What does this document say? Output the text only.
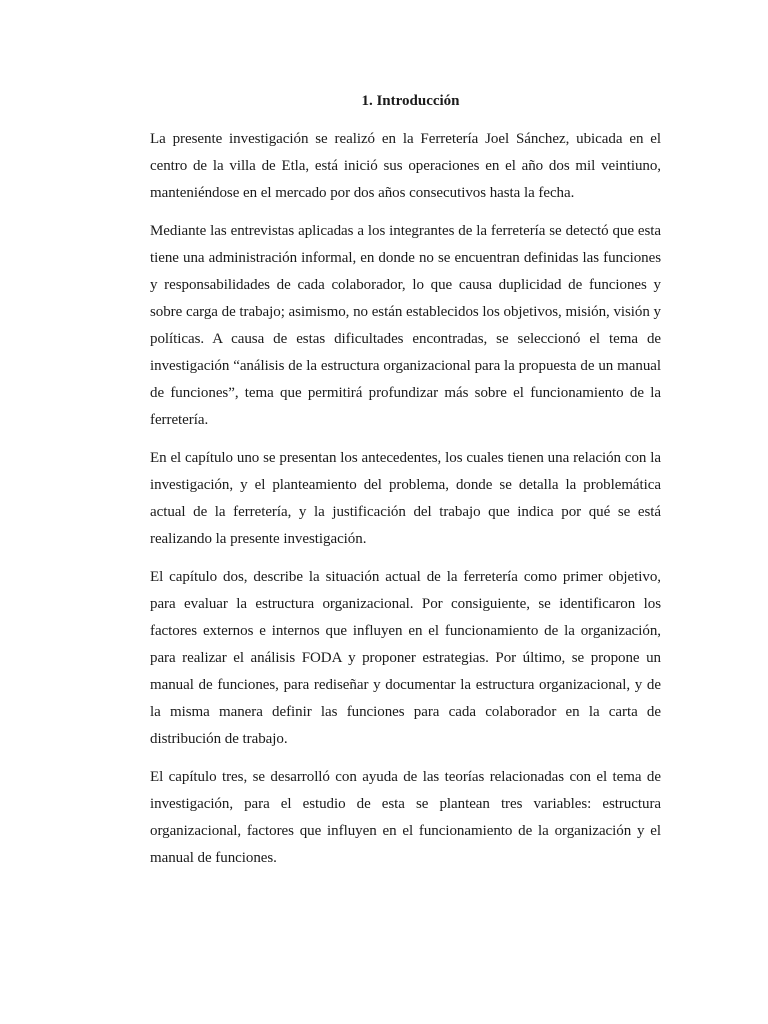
1. Introducción

La presente investigación se realizó en la Ferretería Joel Sánchez, ubicada en el centro de la villa de Etla, está inició sus operaciones en el año dos mil veintiuno, manteniéndose en el mercado por dos años consecutivos hasta la fecha.

Mediante las entrevistas aplicadas a los integrantes de la ferretería se detectó que esta tiene una administración informal, en donde no se encuentran definidas las funciones y responsabilidades de cada colaborador, lo que causa duplicidad de funciones y sobre carga de trabajo; asimismo, no están establecidos los objetivos, misión, visión y políticas. A causa de estas dificultades encontradas, se seleccionó el tema de investigación “análisis de la estructura organizacional para la propuesta de un manual de funciones”, tema que permitirá profundizar más sobre el funcionamiento de la ferretería.

En el capítulo uno se presentan los antecedentes, los cuales tienen una relación con la investigación, y el planteamiento del problema, donde se detalla la problemática actual de la ferretería, y la justificación del trabajo que indica por qué se está realizando la presente investigación.

El capítulo dos, describe la situación actual de la ferretería como primer objetivo, para evaluar la estructura organizacional. Por consiguiente, se identificaron los factores externos e internos que influyen en el funcionamiento de la organización, para realizar el análisis FODA y proponer estrategias. Por último, se propone un manual de funciones, para rediseñar y documentar la estructura organizacional, y de la misma manera definir las funciones para cada colaborador en la carta de distribución de trabajo.

El capítulo tres, se desarrolló con ayuda de las teorías relacionadas con el tema de investigación, para el estudio de esta se plantean tres variables: estructura organizacional, factores que influyen en el funcionamiento de la organización y el manual de funciones.
